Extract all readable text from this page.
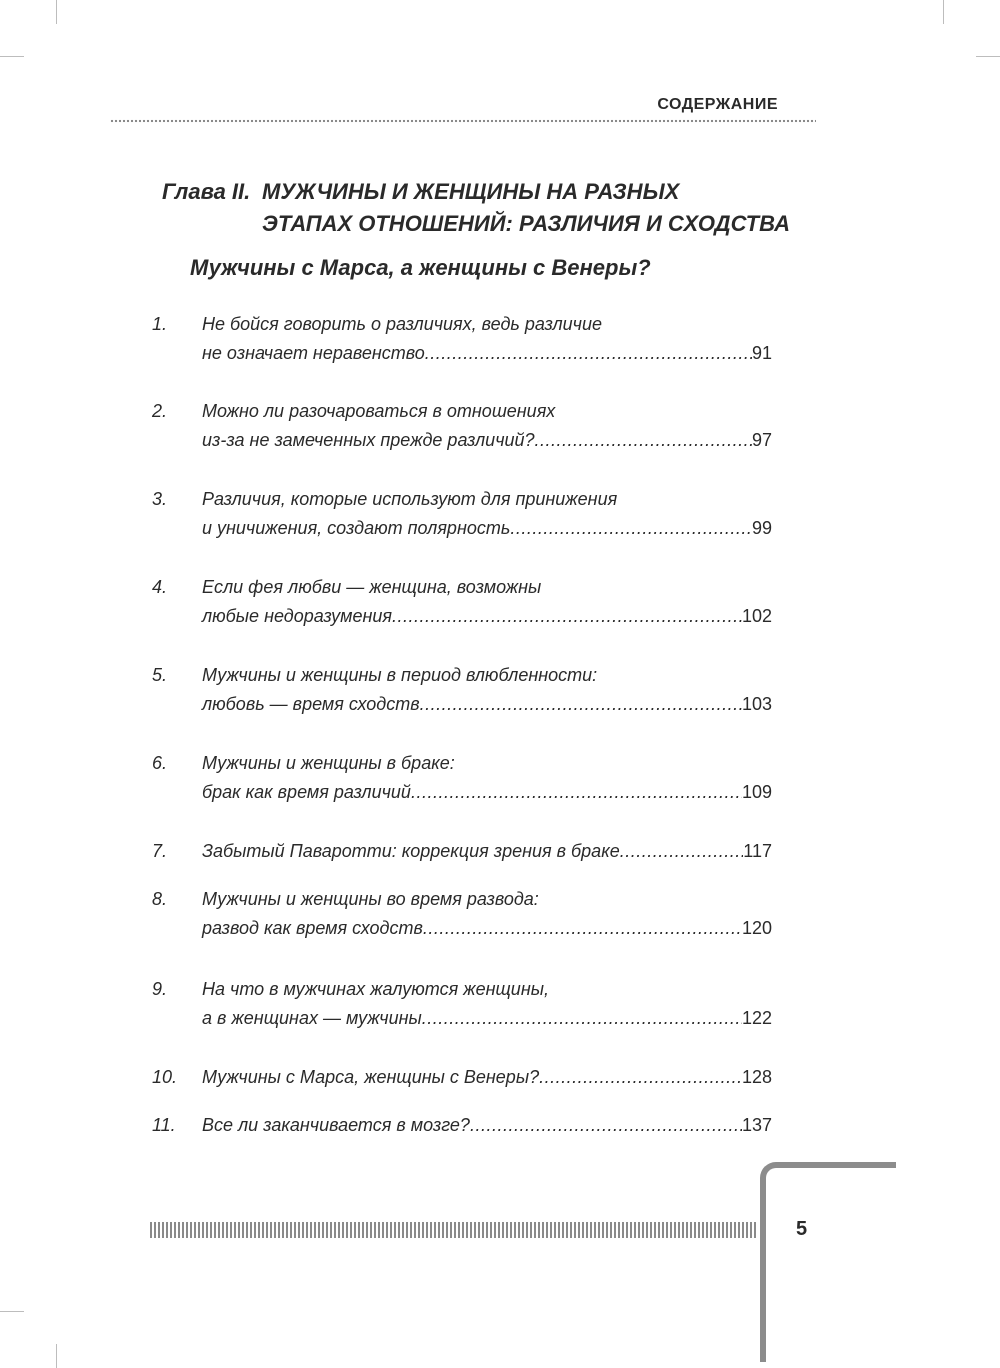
СОДЕРЖАНИЕ
Глава II. МУЖЧИНЫ И ЖЕНЩИНЫ НА РАЗНЫХ
ЭТАПАХ ОТНОШЕНИЙ: РАЗЛИЧИЯ И СХОДСТВА
Мужчины с Марса, а женщины с Венеры?
1. Не бойся говорить о различиях, ведь различие
не означает неравенство .....	91
2. Можно ли разочароваться в отношениях
из-за не замеченных прежде различий? .....	97
3. Различия, которые используют для принижения
и уничижения, создают полярность .....	99
4. Если фея любви — женщина, возможны
любые недоразумения .....	102
5. Мужчины и женщины в период влюбленности:
любовь — время сходств .....	103
6. Мужчины и женщины в браке:
брак как время различий .....	109
7. Забытый Паваротти: коррекция зрения в браке .....	117
8. Мужчины и женщины во время развода:
развод как время сходств .....	120
9. На что в мужчинах жалуются женщины,
а в женщинах — мужчины .....	122
10. Мужчины с Марса, женщины с Венеры? .....	128
11. Все ли заканчивается в мозге? .....	137
5
